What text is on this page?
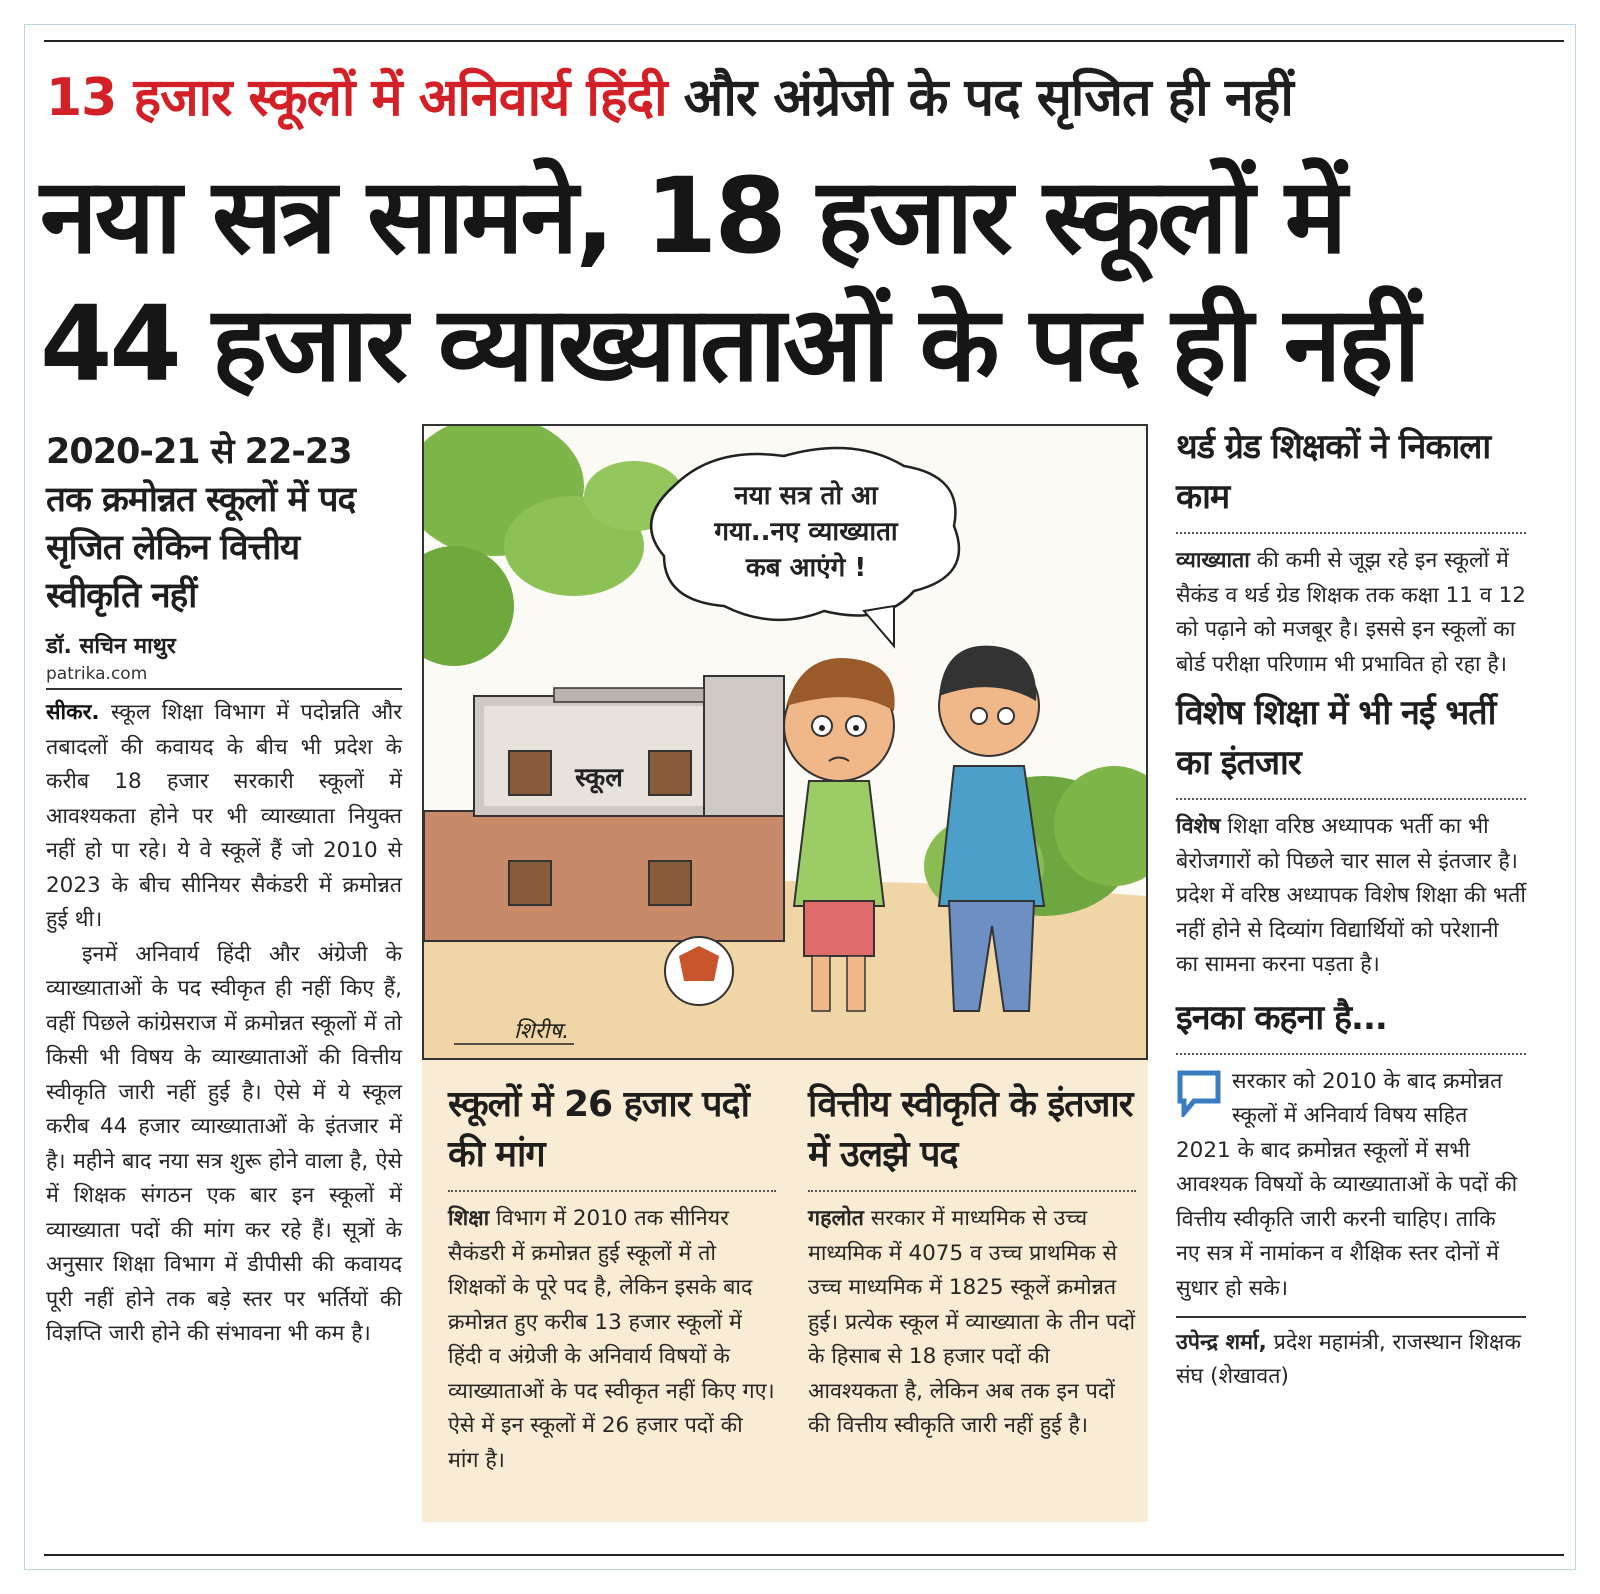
13 हजार स्कूलों में अनिवार्य हिंदी और अंग्रेजी के पद सृजित ही नहीं
नया सत्र सामने, 18 हजार स्कूलों में
44 हजार व्याख्याताओं के पद ही नहीं
2020-21 से 22-23 तक क्रमोन्नत स्कूलों में पद सृजित लेकिन वित्तीय स्वीकृति नहीं
डॉ. सचिन माथुर
patrika.com

सीकर. स्कूल शिक्षा विभाग में पदोन्नति और तबादलों की कवायद के बीच भी प्रदेश के करीब 18 हजार सरकारी स्कूलों में आवश्यकता होने पर भी व्याख्याता नियुक्त नहीं हो पा रहे। ये वे स्कूलें हैं जो 2010 से 2023 के बीच सीनियर सैकंडरी में क्रमोन्नत हुई थी।

इनमें अनिवार्य हिंदी और अंग्रेजी के व्याख्याताओं के पद स्वीकृत ही नहीं किए हैं, वहीं पिछले कांग्रेसराज में क्रमोन्नत स्कूलों में तो किसी भी विषय के व्याख्याताओं की वित्तीय स्वीकृति जारी नहीं हुई है। ऐसे में ये स्कूल करीब 44 हजार व्याख्याताओं के इंतजार में है। महीने बाद नया सत्र शुरू होने वाला है, ऐसे में शिक्षक संगठन एक बार इन स्कूलों में व्याख्याता पदों की मांग कर रहे हैं। सूत्रों के अनुसार शिक्षा विभाग में डीपीसी की कवायद पूरी नहीं होने तक बड़े स्तर पर भर्तियों की विज्ञप्ति जारी होने की संभावना भी कम है।

नया सत्र तो आ
गया..नए व्याख्याता
कब आएंगे !
स्कूल
शिरीष.
स्कूलों में 26 हजार पदों की मांग

शिक्षा विभाग में 2010 तक सीनियर सैकंडरी में क्रमोन्नत हुई स्कूलों में तो शिक्षकों के पूरे पद है, लेकिन इसके बाद क्रमोन्नत हुए करीब 13 हजार स्कूलों में हिंदी व अंग्रेजी के अनिवार्य विषयों के व्याख्याताओं के पद स्वीकृत नहीं किए गए। ऐसे में इन स्कूलों में 26 हजार पदों की मांग है।

वित्तीय स्वीकृति के इंतजार में उलझे पद

गहलोत सरकार में माध्यमिक से उच्च माध्यमिक में 4075 व उच्च प्राथमिक से उच्च माध्यमिक में 1825 स्कूलें क्रमोन्नत हुई। प्रत्येक स्कूल में व्याख्याता के तीन पदों के हिसाब से 18 हजार पदों की आवश्यकता है, लेकिन अब तक इन पदों की वित्तीय स्वीकृति जारी नहीं हुई है।

थर्ड ग्रेड शिक्षकों ने निकाला काम

व्याख्याता की कमी से जूझ रहे इन स्कूलों में सैकंड व थर्ड ग्रेड शिक्षक तक कक्षा 11 व 12 को पढ़ाने को मजबूर है। इससे इन स्कूलों का बोर्ड परीक्षा परिणाम भी प्रभावित हो रहा है।

विशेष शिक्षा में भी नई भर्ती का इंतजार

विशेष शिक्षा वरिष्ठ अध्यापक भर्ती का भी बेरोजगारों को पिछले चार साल से इंतजार है। प्रदेश में वरिष्ठ अध्यापक विशेष शिक्षा की भर्ती नहीं होने से दिव्यांग विद्यार्थियों को परेशानी का सामना करना पड़ता है।

इनका कहना है...

सरकार को 2010 के बाद क्रमोन्नत स्कूलों में अनिवार्य विषय सहित 2021 के बाद क्रमोन्नत स्कूलों में सभी आवश्यक विषयों के व्याख्याताओं के पदों की वित्तीय स्वीकृति जारी करनी चाहिए। ताकि नए सत्र में नामांकन व शैक्षिक स्तर दोनों में सुधार हो सके।

उपेन्द्र शर्मा, प्रदेश महामंत्री, राजस्थान शिक्षक संघ (शेखावत)
